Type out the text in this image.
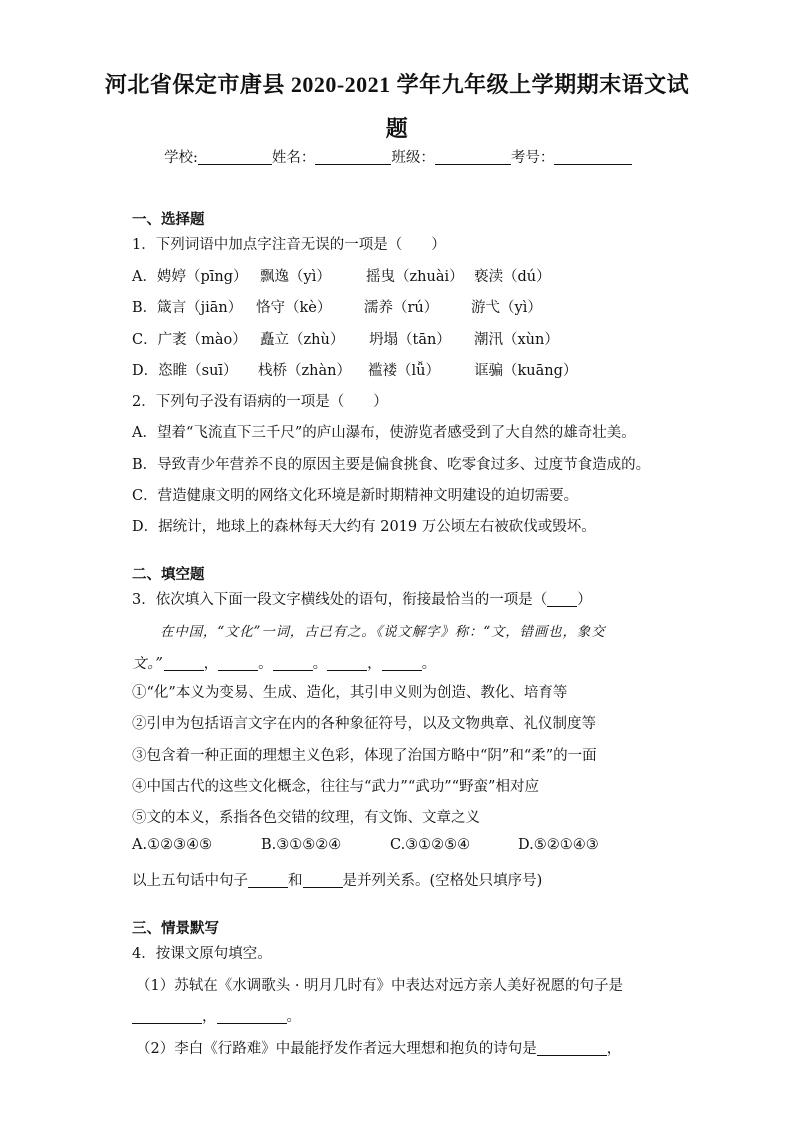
河北省保定市唐县 2020-2021 学年九年级上学期期末语文试
题
学校:	姓名：	班级：	考号：
一、选择题
1．下列词语中加点字注音无误的一项是（　　）
A．娉婷（pīng） 飘逸（yì） 摇曳（zhuài） 亵渎（dú）
B．箴言（jiān） 恪守（kè） 濡养（rú） 游弋（yì）
C．广袤（mào） 矗立（zhù） 坍塌（tān） 潮汛（xùn）
D．恣睢（suī） 栈桥（zhàn） 褴褛（lǚ） 诓骗（kuāng）
2．下列句子没有语病的一项是（　　）
A．望着“飞流直下三千尺”的庐山瀑布，使游览者感受到了大自然的雄奇壮美。
B．导致青少年营养不良的原因主要是偏食挑食、吃零食过多、过度节食造成的。
C．营造健康文明的网络文化环境是新时期精神文明建设的迫切需要。
D．据统计，地球上的森林每天大约有 2019 万公顷左右被砍伐或毁坏。
二、填空题
3．依次填入下面一段文字横线处的语句，衔接最恰当的一项是（ ）
在中国，“文化”一词，古已有之。《说文解字》称：“文，错画也，象交
文。”	，	。	。	，	。
①“化”本义为变易、生成、造化，其引申义则为创造、教化、培育等
②引申为包括语言文字在内的各种象征符号，以及文物典章、礼仪制度等
③包含着一种正面的理想主义色彩，体现了治国方略中“阴”和“柔”的一面
④中国古代的这些文化概念，往往与“武力”“武功”“野蛮”相对应
⑤文的本义，系指各色交错的纹理，有文饰、文章之义
A.①②③④⑤	B.③①⑤②④	C.③①②⑤④	D.⑤②①④③
以上五句话中句子	和	是并列关系。(空格处只填序号)
三、情景默写
4．按课文原句填空。
（1）苏轼在《水调歌头 · 明月几时有》中表达对远方亲人美好祝愿的句子是
，	。
（2）李白《行路难》中最能抒发作者远大理想和抱负的诗句是	，
